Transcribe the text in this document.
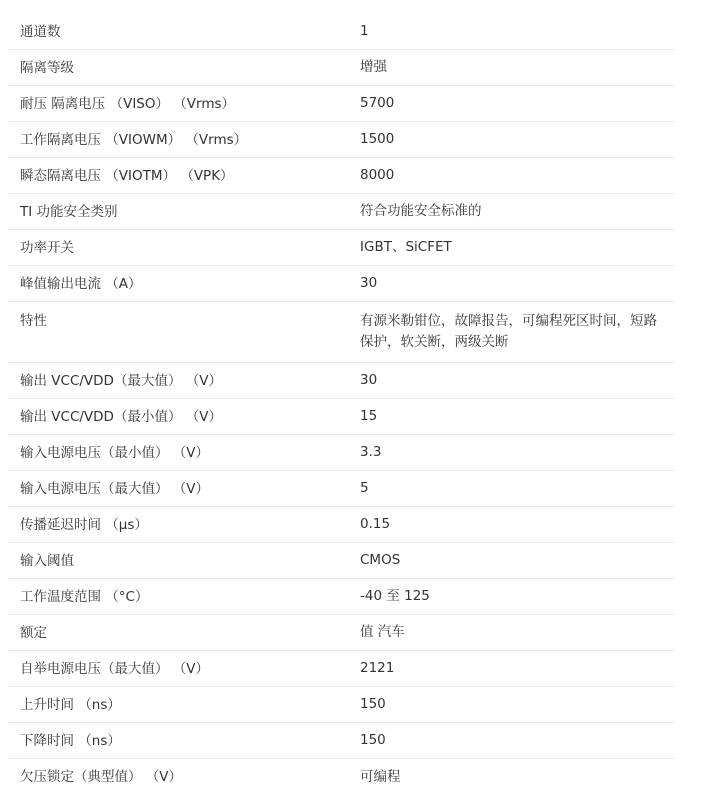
通道数	1
隔离等级	增强
耐压 隔离电压 （VISO） （Vrms）	5700
工作隔离电压 （VIOWM） （Vrms）	1500
瞬态隔离电压 （VIOTM） （VPK）	8000
TI 功能安全类别	符合功能安全标准的
功率开关	IGBT、SiCFET
峰值输出电流 （A）	30
特性	有源米勒钳位，故障报告，可编程死区时间，短路保护，软关断，两级关断
输出 VCC/VDD（最大值） （V）	30
输出 VCC/VDD（最小值） （V）	15
输入电源电压（最小值） （V）	3.3
输入电源电压（最大值） （V）	5
传播延迟时间 （μs）	0.15
输入阈值	CMOS
工作温度范围 （°C）	-40 至 125
额定	值 汽车
自举电源电压（最大值） （V）	2121
上升时间 （ns）	150
下降时间 （ns）	150
欠压锁定（典型值） （V）	可编程
